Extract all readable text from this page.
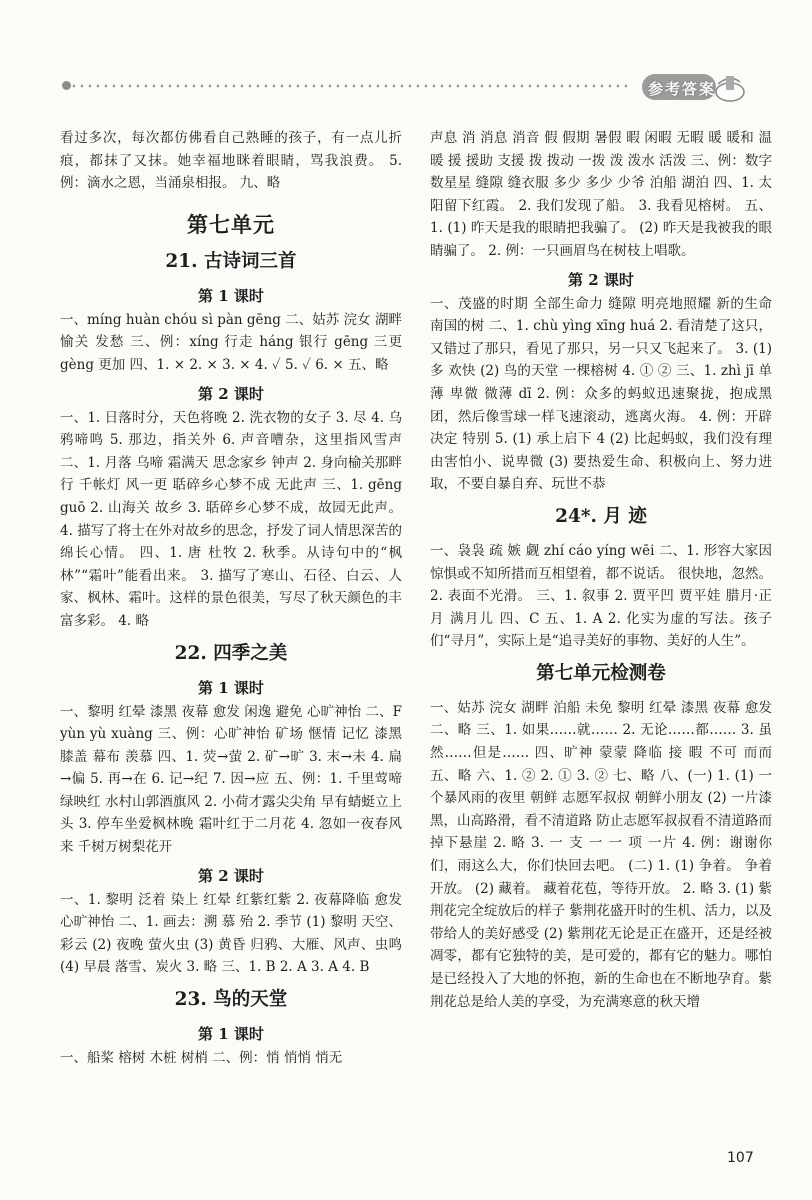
参考答案

看过多次，每次都仿佛看自己熟睡的孩子，有一点儿折痕，都抹了又抹。她幸福地眯着眼睛，骂我浪费。 5. 例：滴水之恩，当涌泉相报。 九、略

第七单元
21. 古诗词三首
第 1 课时

一、míng huàn chóu sì pàn gēng 二、姑苏 浣女 湖畔 愉关 发愁 三、例：xíng 行走 háng 银行 gēng 三更 gèng 更加 四、1. × 2. × 3. × 4. ✓ 5. ✓ 6. × 五、略

第 2 课时

一、1. 日落时分，天色将晚 2. 洗衣物的女子 3. 尽 4. 乌鸦啼鸣 5. 那边，指关外 6. 声音嘈杂，这里指风雪声 二、1. 月落 乌啼 霜满天 思念家乡 钟声 2. 身向榆关那畔行 千帐灯 风一更 聒碎乡心梦不成 无此声 三、1. gēng guō 2. 山海关 故乡 3. 聒碎乡心梦不成，故园无此声。 4. 描写了将士在外对故乡的思念，抒发了词人情思深苦的绵长心情。 四、1. 唐 杜牧 2. 秋季。从诗句中的“枫林”“霜叶”能看出来。 3. 描写了寒山、石径、白云、人家、枫林、霜叶。这样的景色很美，写尽了秋天颜色的丰富多彩。 4. 略

22. 四季之美
第 1 课时

一、黎明 红晕 漆黑 夜幕 愈发 闲逸 避免 心旷神怡 二、F yùn yù xuàng 三、例：心旷神怡 矿场 惬情 记忆 漆黑 膝盖 幕布 羡慕 四、1. 荧→萤 2. 矿→旷 3. 末→未 4. 扁→偏 5. 再→在 6. 记→纪 7. 因→应 五、例：1. 千里莺啼绿映红 水村山郭酒旗风 2. 小荷才露尖尖角 早有蜻蜓立上头 3. 停车坐爱枫林晚 霜叶红于二月花 4. 忽如一夜春风来 千树万树梨花开

第 2 课时

一、1. 黎明 泛着 染上 红晕 红紫红紫 2. 夜幕降临 愈发 心旷神怡 二、1. 画去：溯 慕 殆 2. 季节 (1) 黎明 天空、彩云 (2) 夜晚 萤火虫 (3) 黄昏 归鸦、大雁、风声、虫鸣 (4) 早晨 落雪、炭火 3. 略 三、1. B 2. A 3. A 4. B

23. 鸟的天堂
第 1 课时

一、船桨 榕树 木桩 树梢 二、例：悄 悄悄 悄无

声息 消 消息 消音 假 假期 暑假 暇 闲暇 无暇 暖 暖和 温暖 援 援助 支援 拨 拨动 一拨 泼 泼水 活泼 三、例：数字 数星星 缝隙 缝衣服 多少 多少 少爷 泊船 湖泊 四、1. 太阳留下红霞。 2. 我们发现了船。 3. 我看见榕树。 五、1. (1) 昨天是我的眼睛把我骗了。 (2) 昨天是我被我的眼睛骗了。 2. 例：一只画眉鸟在树枝上唱歌。

第 2 课时

一、茂盛的时期 全部生命力 缝隙 明亮地照耀 新的生命 南国的树 二、1. chù yìng xīng huá 2. 看清楚了这只，又错过了那只，看见了那只，另一只又飞起来了。 3. (1) 多 欢快 (2) 鸟的天堂 一棵榕树 4. ① ② 三、1. zhì jī 单薄 卑微 微薄 dī 2. 例：众多的蚂蚁迅速聚拢，抱成黑团，然后像雪球一样飞速滚动，逃离火海。 4. 例：开辟 决定 特别 5. (1) 承上启下 4 (2) 比起蚂蚁，我们没有理由害怕小、说卑微 (3) 要热爱生命、积极向上、努力进取，不要自暴自弃、玩世不恭

24*. 月 迹

一、袅袅 疏 嫉 觑 zhí cáo yíng wēi 二、1. 形容大家因惊惧或不知所措而互相望着，都不说话。 很快地，忽然。 2. 表面不光滑。 三、1. 叙事 2. 贾平凹 贾平娃 腊月·正月 满月儿 四、C 五、1. A 2. 化实为虚的写法。孩子们“寻月”，实际上是“追寻美好的事物、美好的人生”。

第七单元检测卷

一、姑苏 浣女 湖畔 泊船 未免 黎明 红晕 漆黑 夜幕 愈发 二、略 三、1. 如果……就…… 2. 无论……都…… 3. 虽然……但是…… 四、旷神 蒙蒙 降临 接 暇 不可 而而 五、略 六、1. ② 2. ① 3. ② 七、略 八、(一) 1. (1) 一个暴风雨的夜里 朝鲜 志愿军叔叔 朝鲜小朋友 (2) 一片漆黑，山高路滑，看不清道路 防止志愿军叔叔看不清道路而掉下悬崖 2. 略 3. 一 支 一 一 项 一片 4. 例：谢谢你们，雨这么大，你们快回去吧。 (二) 1. (1) 争着。 争着开放。 (2) 藏着。 藏着花苞，等待开放。 2. 略 3. (1) 紫荆花完全绽放后的样子 紫荆花盛开时的生机、活力，以及带给人的美好感受 (2) 紫荆花无论是正在盛开，还是经被凋零，都有它独特的美，是可爱的，都有它的魅力。哪怕是已经投入了大地的怀抱，新的生命也在不断地孕育。紫荆花总是给人美的享受，为充满寒意的秋天增

107
